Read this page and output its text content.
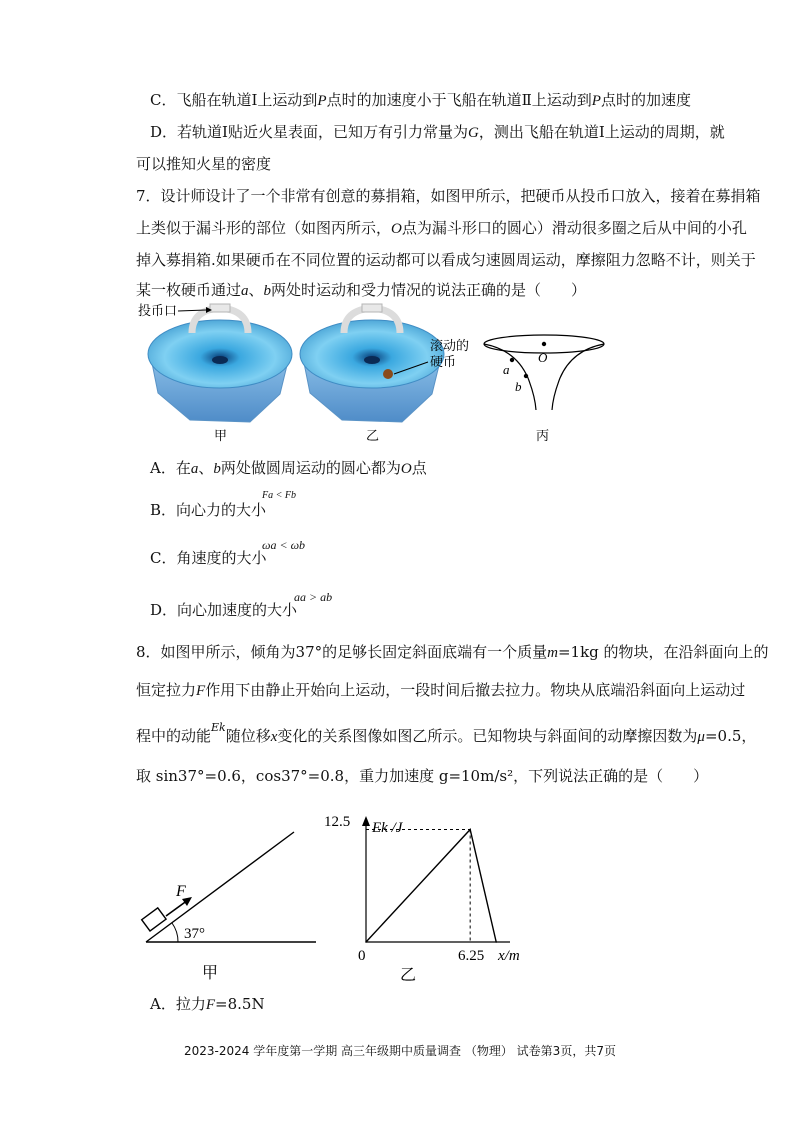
C．飞船在轨道Ⅰ上运动到P点时的加速度小于飞船在轨道Ⅱ上运动到P点时的加速度
D．若轨道Ⅰ贴近火星表面，已知万有引力常量为G，测出飞船在轨道Ⅰ上运动的周期，就
可以推知火星的密度
7．设计师设计了一个非常有创意的募捐箱，如图甲所示，把硬币从投币口放入，接着在募捐箱
上类似于漏斗形的部位（如图丙所示，O点为漏斗形口的圆心）滑动很多圈之后从中间的小孔
掉入募捐箱.如果硬币在不同位置的运动都可以看成匀速圆周运动，摩擦阻力忽略不计，则关于
某一枚硬币通过a、b两处时运动和受力情况的说法正确的是（　　）
投币口
甲
滚动的
硬币
乙
O
a
b
丙
A．在a、b两处做圆周运动的圆心都为O点
B．向心力的大小
Fa < Fb
C．角速度的大小
ωa < ωb
D．向心加速度的大小
aa > ab
8．如图甲所示，倾角为37°的足够长固定斜面底端有一个质量m=1kg 的物块，在沿斜面向上的
恒定拉力F作用下由静止开始向上运动，一段时间后撤去拉力。物块从底端沿斜面向上运动过
程中的动能$^{Ek}$随位移x变化的关系图像如图乙所示。已知物块与斜面间的动摩擦因数为μ=0.5，
取 sin37°=0.6，cos37°=0.8，重力加速度 g=10m/s²，下列说法正确的是（　　）
F
37°
甲
Ek /J
12.5
0	6.25 x/m
乙
A．拉力F=8.5N
2023-2024 学年度第一学期 高三年级期中质量调查 （物理） 试卷第3页，共7页
